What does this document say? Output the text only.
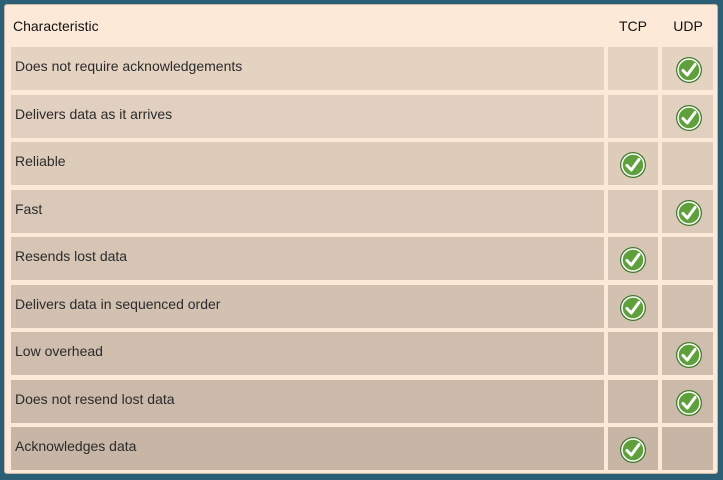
Characteristic	TCP	UDP
Does not require acknowledgements
Delivers data as it arrives
Reliable
Fast
Resends lost data
Delivers data in sequenced order
Low overhead
Does not resend lost data
Acknowledges data
